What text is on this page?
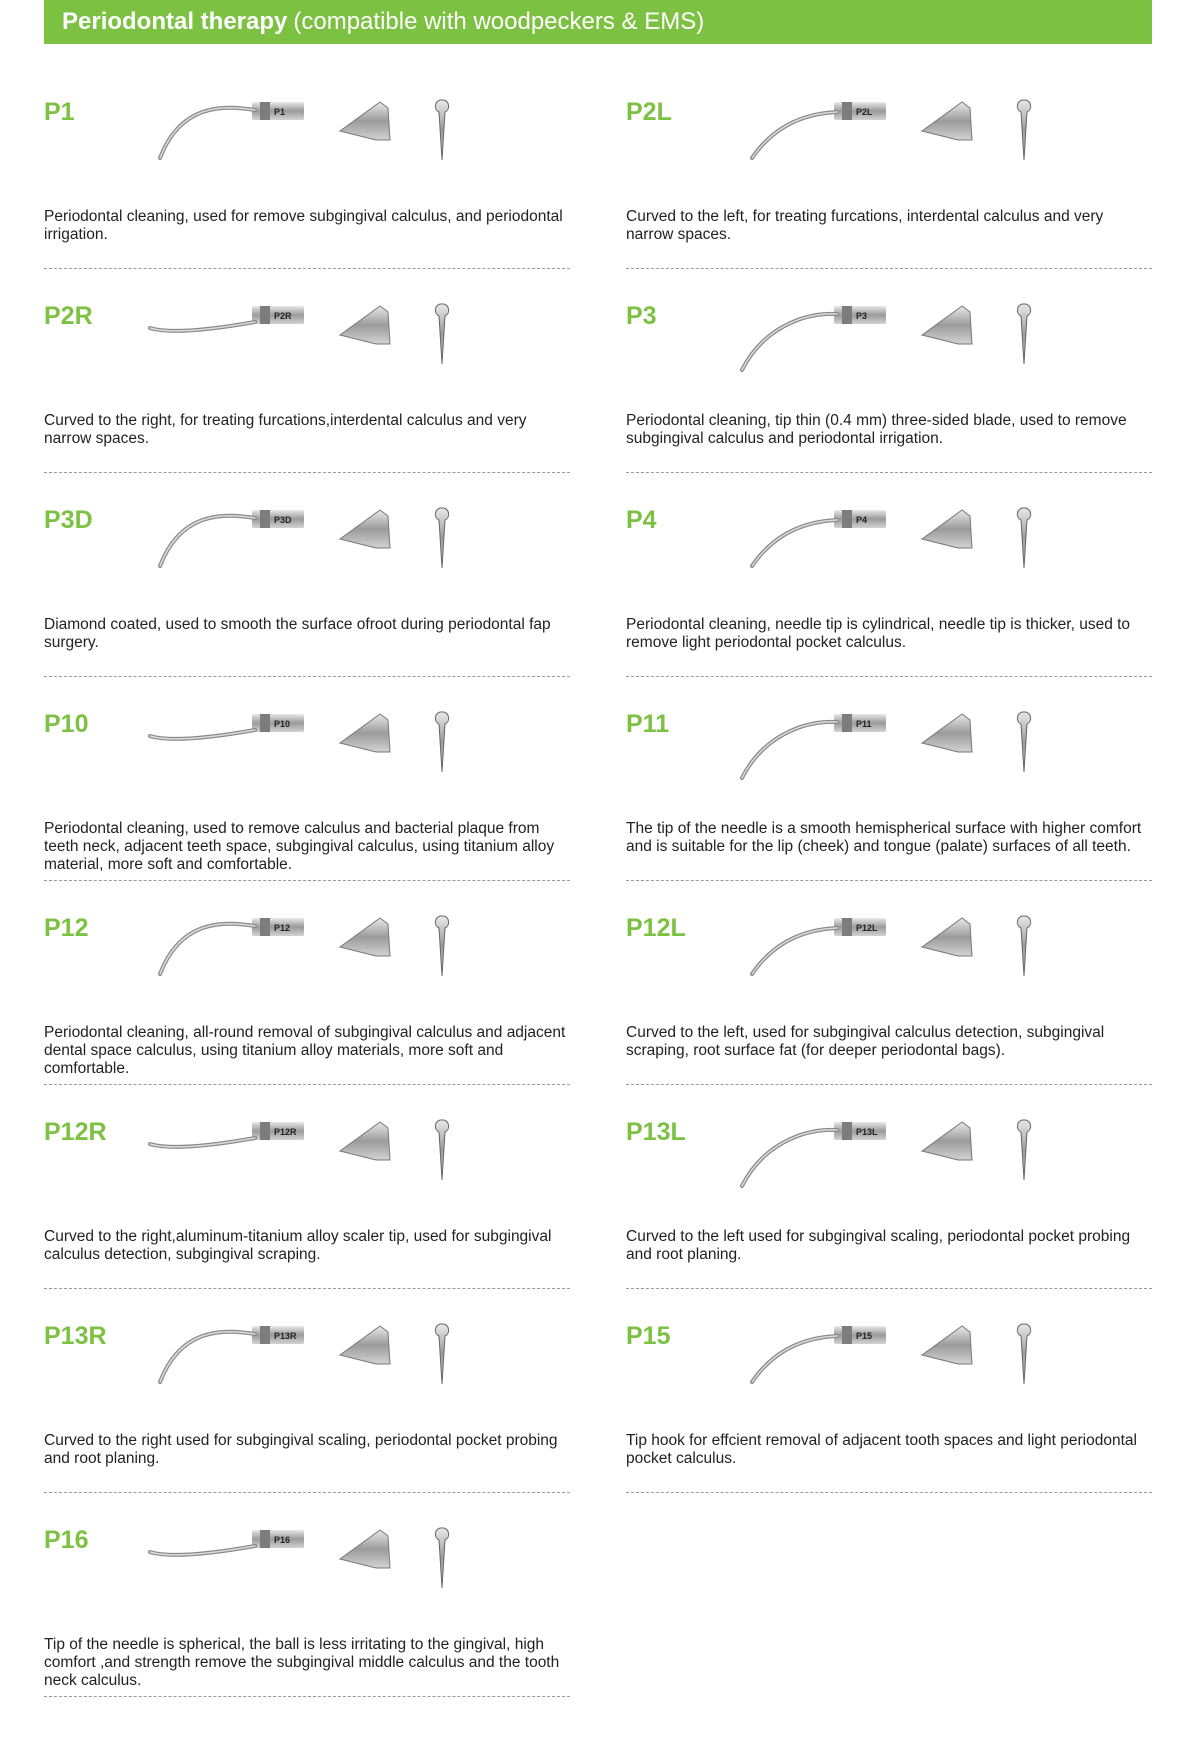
Periodontal therapy (compatible with woodpeckers & EMS)
P1	P1
Periodontal cleaning, used for remove subgingival calculus, and periodontal irrigation.
P2L	P2L
Curved to the left, for treating furcations, interdental calculus and very narrow spaces.
P2R	P2R
Curved to the right, for treating furcations,interdental calculus and very narrow spaces.
P3	P3
Periodontal cleaning, tip thin (0.4 mm) three-sided blade, used to remove subgingival calculus and periodontal irrigation.
P3D	P3D
Diamond coated, used to smooth the surface ofroot during periodontal fap surgery.
P4	P4
Periodontal cleaning, needle tip is cylindrical, needle tip is thicker, used to remove light periodontal pocket calculus.
P10	P10
Periodontal cleaning, used to remove calculus and bacterial plaque from teeth neck, adjacent teeth space, subgingival calculus, using titanium alloy material, more soft and comfortable.
P11	P11
The tip of the needle is a smooth hemispherical surface with higher comfort and is suitable for the lip (cheek) and tongue (palate) surfaces of all teeth.
P12	P12
Periodontal cleaning, all-round removal of subgingival calculus and adjacent dental space calculus, using titanium alloy materials, more soft and comfortable.
P12L	P12L
Curved to the left, used for subgingival calculus detection, subgingival scraping, root surface fat (for deeper periodontal bags).
P12R	P12R
Curved to the right,aluminum-titanium alloy scaler tip, used for subgingival calculus detection, subgingival scraping.
P13L	P13L
Curved to the left used for subgingival scaling, periodontal pocket probing and root planing.
P13R	P13R
Curved to the right used for subgingival scaling, periodontal pocket probing and root planing.
P15	P15
Tip hook for effcient removal of adjacent tooth spaces and light periodontal pocket calculus.
P16	P16
Tip of the needle is spherical, the ball is less irritating to the gingival, high comfort ,and strength remove the subgingival middle calculus and the tooth neck calculus.
